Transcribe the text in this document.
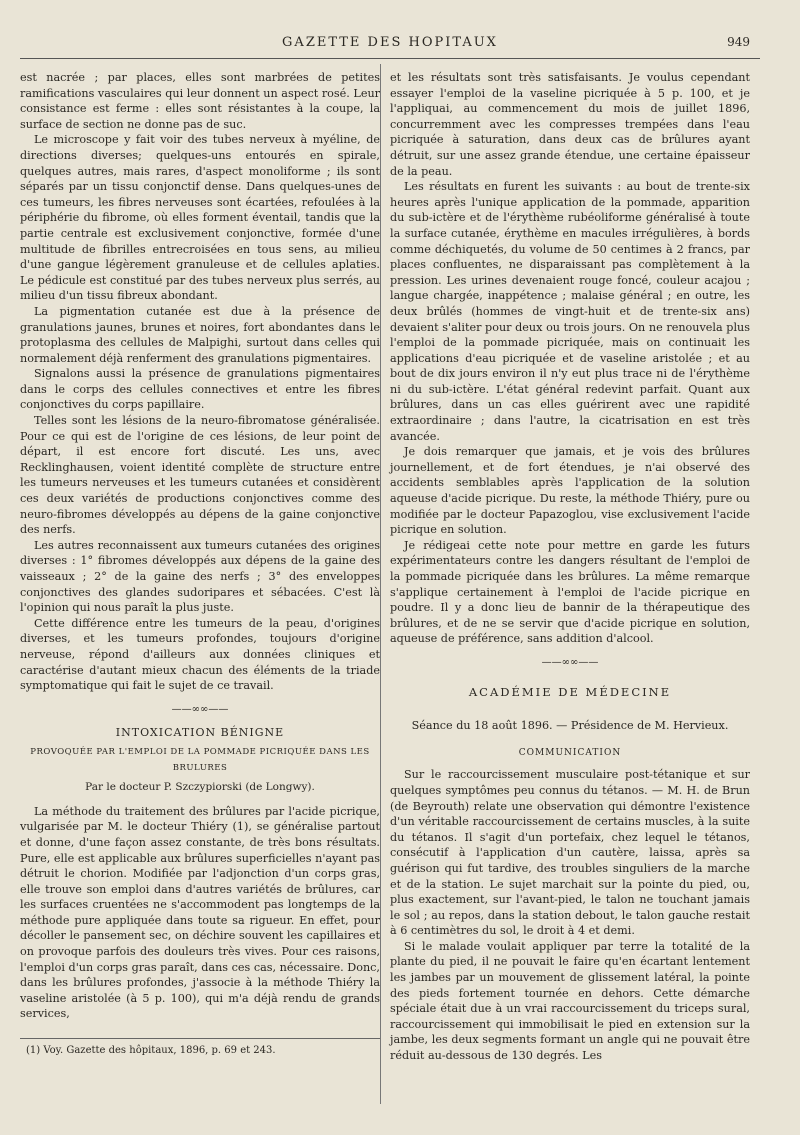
GAZETTE DES HOPITAUX	949

est nacrée ; par places, elles sont marbrées de petites ramifications vasculaires qui leur donnent un aspect rosé. Leur consistance est ferme : elles sont résistantes à la coupe, la surface de section ne donne pas de suc.

Le microscope y fait voir des tubes nerveux à myéline, de directions diverses; quelques-uns entourés en spirale, quelques autres, mais rares, d'aspect monoliforme ; ils sont séparés par un tissu conjonctif dense. Dans quelques-unes de ces tumeurs, les fibres nerveuses sont écartées, refoulées à la périphérie du fibrome, où elles forment éventail, tandis que la partie centrale est exclusivement conjonctive, formée d'une multitude de fibrilles entrecroisées en tous sens, au milieu d'une gangue légèrement granuleuse et de cellules aplaties. Le pédicule est constitué par des tubes nerveux plus serrés, au milieu d'un tissu fibreux abondant.

La pigmentation cutanée est due à la présence de granulations jaunes, brunes et noires, fort abondantes dans le protoplasma des cellules de Malpighi, surtout dans celles qui normalement déjà renferment des granulations pigmentaires.

Signalons aussi la présence de granulations pigmentaires dans le corps des cellules connectives et entre les fibres conjonctives du corps papillaire.

Telles sont les lésions de la neuro-fibromatose généralisée. Pour ce qui est de l'origine de ces lésions, de leur point de départ, il est encore fort discuté. Les uns, avec Recklinghausen, voient identité complète de structure entre les tumeurs nerveuses et les tumeurs cutanées et considèrent ces deux variétés de productions conjonctives comme des neuro-fibromes développés au dépens de la gaine conjonctive des nerfs.

Les autres reconnaissent aux tumeurs cutanées des origines diverses : 1° fibromes développés aux dépens de la gaine des vaisseaux ; 2° de la gaine des nerfs ; 3° des enveloppes conjonctives des glandes sudoripares et sébacées. C'est là l'opinion qui nous paraît la plus juste.

Cette différence entre les tumeurs de la peau, d'origines diverses, et les tumeurs profondes, toujours d'origine nerveuse, répond d'ailleurs aux données cliniques et caractérise d'autant mieux chacun des éléments de la triade symptomatique qui fait le sujet de ce travail.

——∞∞——

INTOXICATION BÉNIGNE

PROVOQUÉE PAR L'EMPLOI DE LA POMMADE PICRIQUÉE DANS LES BRULURES

Par le docteur P. Szczypiorski (de Longwy).

La méthode du traitement des brûlures par l'acide picrique, vulgarisée par M. le docteur Thiéry (1), se généralise partout et donne, d'une façon assez constante, de très bons résultats. Pure, elle est applicable aux brûlures superficielles n'ayant pas détruit le chorion. Modifiée par l'adjonction d'un corps gras, elle trouve son emploi dans d'autres variétés de brûlures, car les surfaces cruentées ne s'accommodent pas longtemps de la méthode pure appliquée dans toute sa rigueur. En effet, pour décoller le pansement sec, on déchire souvent les capillaires et on provoque parfois des douleurs très vives. Pour ces raisons, l'emploi d'un corps gras paraît, dans ces cas, nécessaire. Donc, dans les brûlures profondes, j'associe à la méthode Thiéry la vaseline aristolée (à 5 p. 100), qui m'a déjà rendu de grands services,

(1) Voy. Gazette des hôpitaux, 1896, p. 69 et 243.

et les résultats sont très satisfaisants. Je voulus cependant essayer l'emploi de la vaseline picriquée à 5 p. 100, et je l'appliquai, au commencement du mois de juillet 1896, concurremment avec les compresses trempées dans l'eau picriquée à saturation, dans deux cas de brûlures ayant détruit, sur une assez grande étendue, une certaine épaisseur de la peau.

Les résultats en furent les suivants : au bout de trente-six heures après l'unique application de la pommade, apparition du sub-ictère et de l'érythème rubéoliforme généralisé à toute la surface cutanée, érythème en macules irrégulières, à bords comme déchiquetés, du volume de 50 centimes à 2 francs, par places confluentes, ne disparaissant pas complètement à la pression. Les urines devenaient rouge foncé, couleur acajou ; langue chargée, inappétence ; malaise général ; en outre, les deux brûlés (hommes de vingt-huit et de trente-six ans) devaient s'aliter pour deux ou trois jours. On ne renouvela plus l'emploi de la pommade picriquée, mais on continuait les applications d'eau picriquée et de vaseline aristolée ; et au bout de dix jours environ il n'y eut plus trace ni de l'érythème ni du sub-ictère. L'état général redevint parfait. Quant aux brûlures, dans un cas elles guérirent avec une rapidité extraordinaire ; dans l'autre, la cicatrisation en est très avancée.

Je dois remarquer que jamais, et je vois des brûlures journellement, et de fort étendues, je n'ai observé des accidents semblables après l'application de la solution aqueuse d'acide picrique. Du reste, la méthode Thiéry, pure ou modifiée par le docteur Papazoglou, vise exclusivement l'acide picrique en solution.

Je rédigeai cette note pour mettre en garde les futurs expérimentateurs contre les dangers résultant de l'emploi de la pommade picriquée dans les brûlures. La même remarque s'applique certainement à l'emploi de l'acide picrique en poudre. Il y a donc lieu de bannir de la thérapeutique des brûlures, et de ne se servir que d'acide picrique en solution, aqueuse de préférence, sans addition d'alcool.

——∞∞——

ACADÉMIE DE MÉDECINE

Séance du 18 août 1896. — Présidence de M. Hervieux.

COMMUNICATION

Sur le raccourcissement musculaire post-tétanique et sur quelques symptômes peu connus du tétanos. — M. H. de Brun (de Beyrouth) relate une observation qui démontre l'existence d'un véritable raccourcissement de certains muscles, à la suite du tétanos. Il s'agit d'un portefaix, chez lequel le tétanos, consécutif à l'application d'un cautère, laissa, après sa guérison qui fut tardive, des troubles singuliers de la marche et de la station. Le sujet marchait sur la pointe du pied, ou, plus exactement, sur l'avant-pied, le talon ne touchant jamais le sol ; au repos, dans la station debout, le talon gauche restait à 6 centimètres du sol, le droit à 4 et demi.

Si le malade voulait appliquer par terre la totalité de la plante du pied, il ne pouvait le faire qu'en écartant lentement les jambes par un mouvement de glissement latéral, la pointe des pieds fortement tournée en dehors. Cette démarche spéciale était due à un vrai raccourcissement du triceps sural, raccourcissement qui immobilisait le pied en extension sur la jambe, les deux segments formant un angle qui ne pouvait être réduit au-dessous de 130 degrés. Les
